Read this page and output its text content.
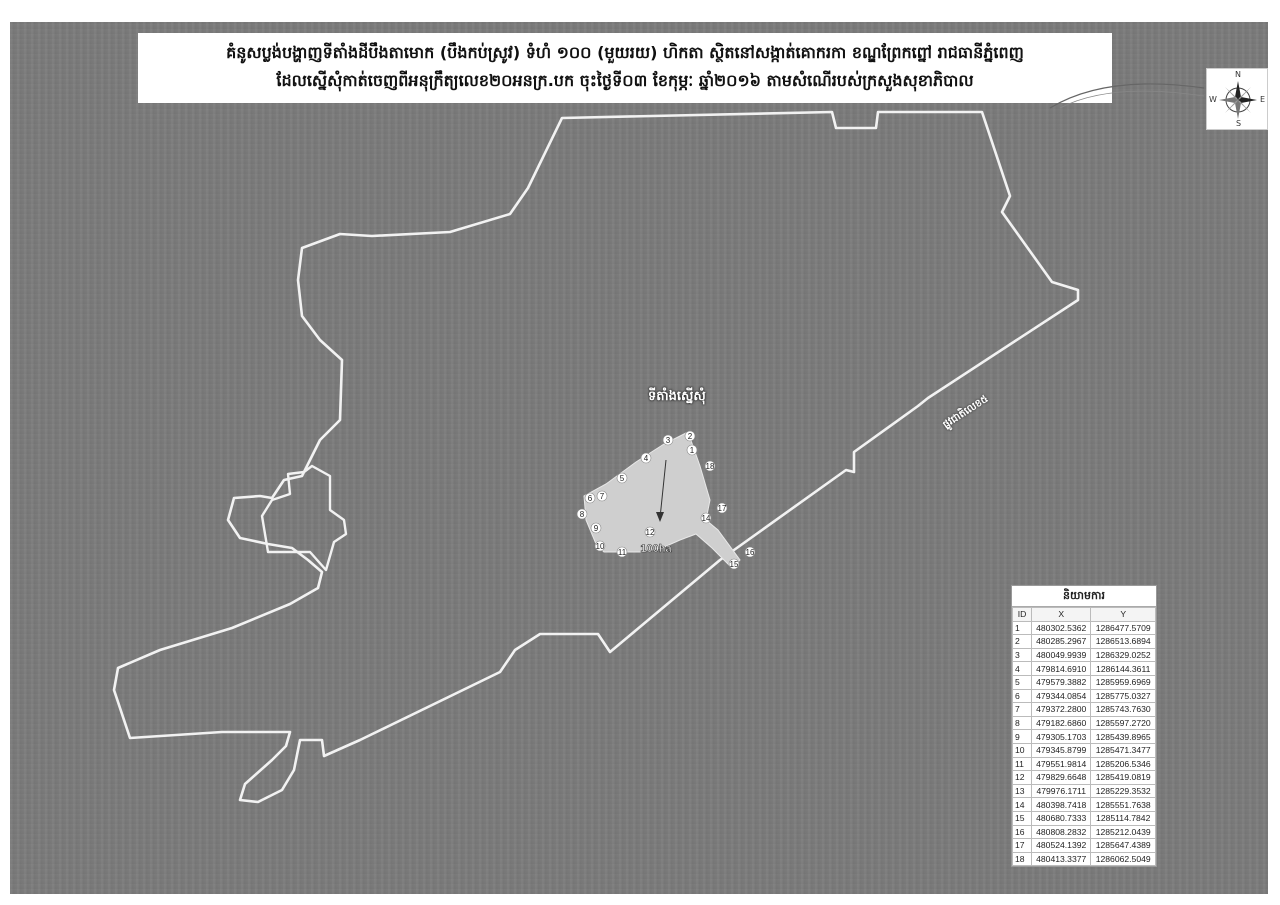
1
2
3
4
5
6 7
8
9
10
11
12
14
15
16
17
18
100ha
ទីតាំងស្នើសុំ	ផ្លូវជាតិលេខ៥
គំនូសប្លង់បង្ហាញទីតាំងដីបឹងតាមោក (បឹងកប់ស្រូវ) ទំហំ ១០០ (មួយរយ) ហិកតា ស្ថិតនៅសង្កាត់គោករកា ខណ្ឌព្រែកព្នៅ រាជធានីភ្នំពេញ
ដែលស្នើសុំកាត់ចេញពីអនុក្រឹត្យលេខ២០អនក្រ.បក ចុះថ្ងៃទី០៣ ខែកុម្ភៈ ឆ្នាំ២០១៦ តាមសំណើរបស់ក្រសួងសុខាភិបាល	N
S
E
W
និយាមការ
ID	X	Y
1	480302.5362	1286477.5709
2	480285.2967	1286513.6894
3	480049.9939	1286329.0252
4	479814.6910	1286144.3611
5	479579.3882	1285959.6969
6	479344.0854	1285775.0327
7	479372.2800	1285743.7630
8	479182.6860	1285597.2720
9	479305.1703	1285439.8965
10	479345.8799	1285471.3477
11	479551.9814	1285206.5346
12	479829.6648	1285419.0819
13	479976.1711	1285229.3532
14	480398.7418	1285551.7638
15	480680.7333	1285114.7842
16	480808.2832	1285212.0439
17	480524.1392	1285647.4389
18	480413.3377	1286062.5049
